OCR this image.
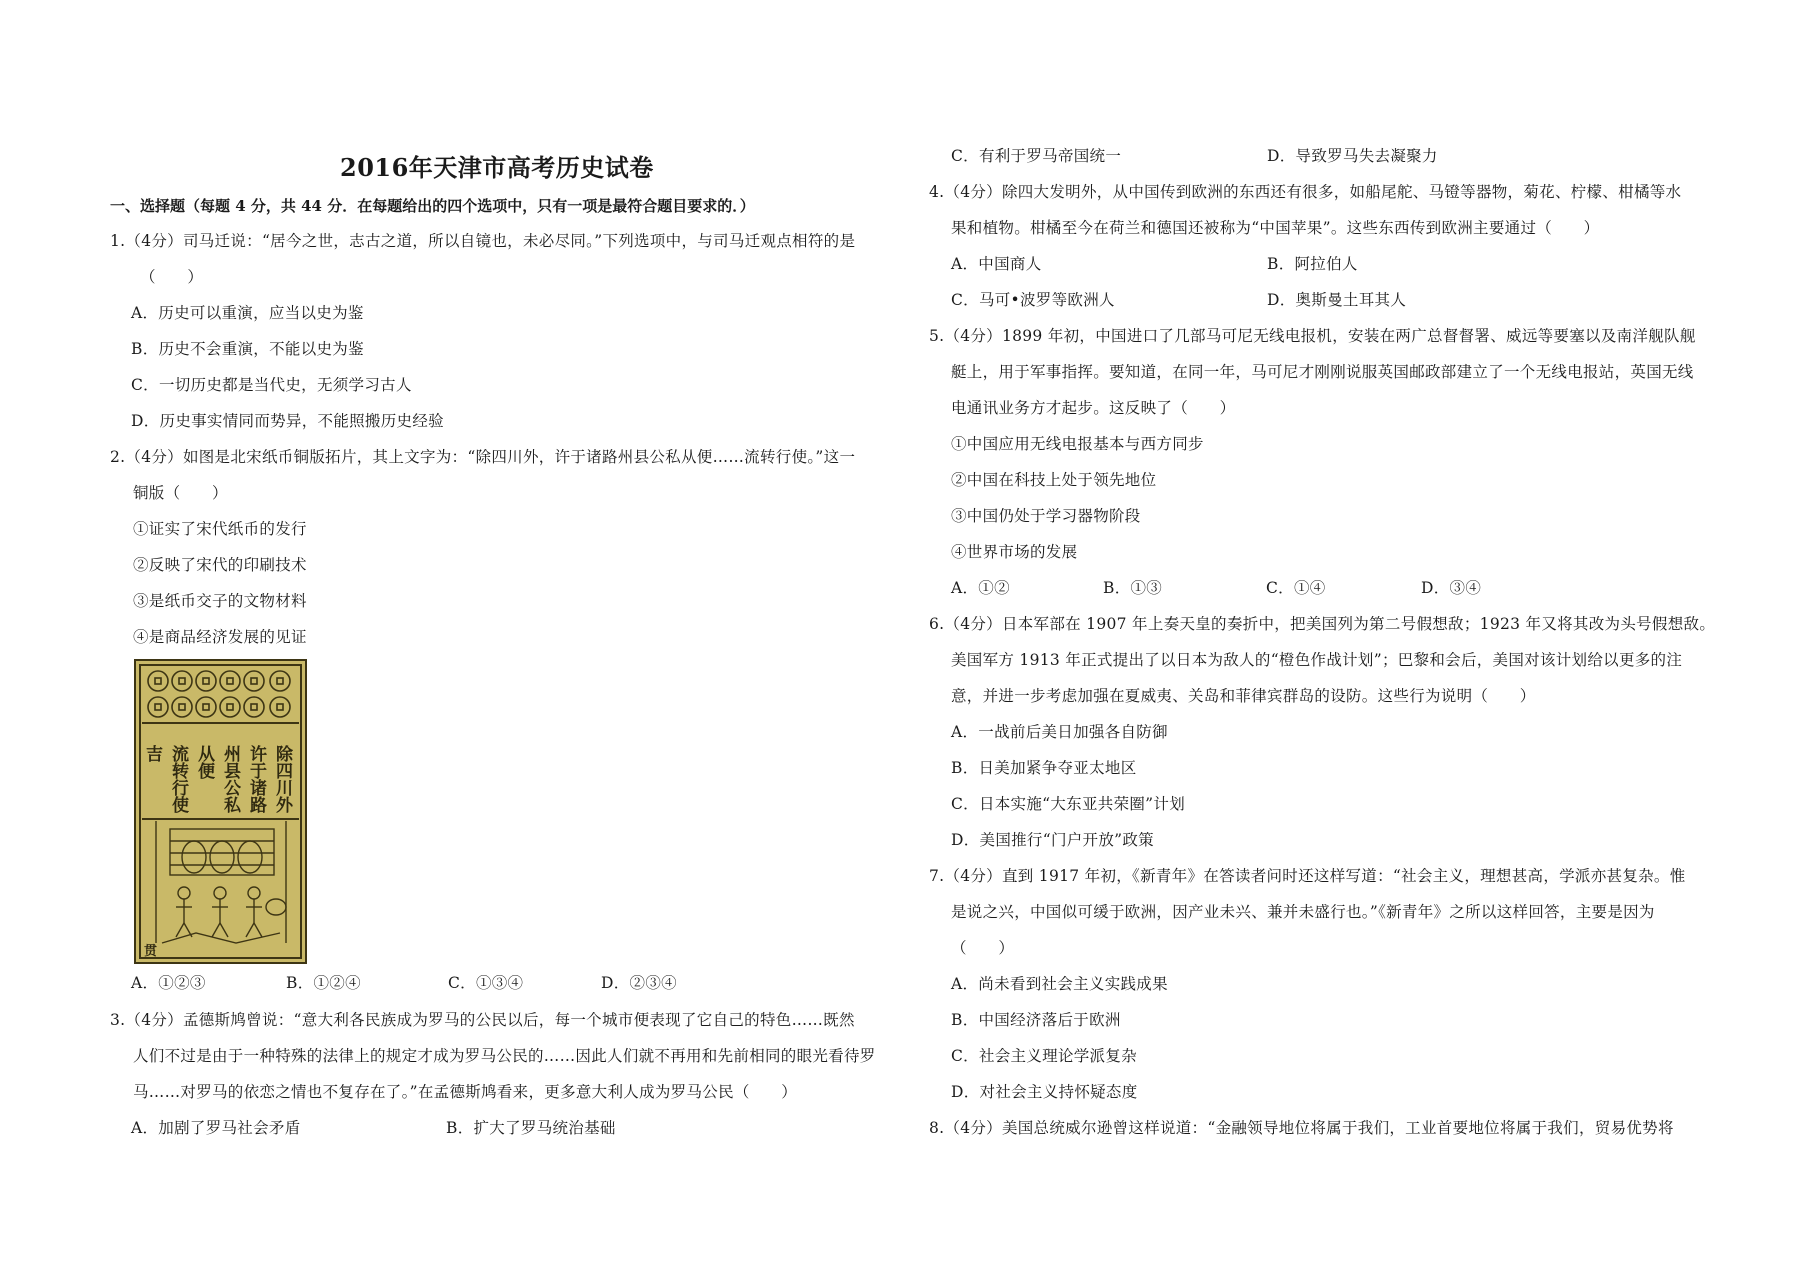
2016年天津市高考历史试卷
一、选择题（每题 4 分，共 44 分．在每题给出的四个选项中，只有一项是最符合题目要求的．）
1.（4分）司马迁说：“居今之世，志古之道，所以自镜也，未必尽同。”下列选项中，与司马迁观点相符的是
（　　）
A．历史可以重演，应当以史为鉴
B．历史不会重演，不能以史为鉴
C．一切历史都是当代史，无须学习古人
D．历史事实情同而势异，不能照搬历史经验
2.（4分）如图是北宋纸币铜版拓片，其上文字为：“除四川外，许于诸路州县公私从便……流转行使。”这一
铜版（　　）
①证实了宋代纸币的发行
②反映了宋代的印刷技术
③是纸币交子的文物材料
④是商品经济发展的见证
除四川外
许于诸路
州县公私
从便
流转行使
吉
贯
A．①②③	B．①②④	C．①③④	D．②③④
3.（4分）孟德斯鸠曾说：“意大利各民族成为罗马的公民以后，每一个城市便表现了它自己的特色……既然
人们不过是由于一种特殊的法律上的规定才成为罗马公民的……因此人们就不再用和先前相同的眼光看待罗
马……对罗马的依恋之情也不复存在了。”在孟德斯鸠看来，更多意大利人成为罗马公民（　　）
A．加剧了罗马社会矛盾	B．扩大了罗马统治基础
C．有利于罗马帝国统一	D．导致罗马失去凝聚力
4.（4分）除四大发明外，从中国传到欧洲的东西还有很多，如船尾舵、马镫等器物，菊花、柠檬、柑橘等水
果和植物。柑橘至今在荷兰和德国还被称为“中国苹果”。这些东西传到欧洲主要通过（　　）
A．中国商人	B．阿拉伯人
C．马可•波罗等欧洲人	D．奥斯曼土耳其人
5.（4分）1899 年初，中国进口了几部马可尼无线电报机，安装在两广总督督署、威远等要塞以及南洋舰队舰
艇上，用于军事指挥。要知道，在同一年，马可尼才刚刚说服英国邮政部建立了一个无线电报站，英国无线
电通讯业务方才起步。这反映了（　　）
①中国应用无线电报基本与西方同步
②中国在科技上处于领先地位
③中国仍处于学习器物阶段
④世界市场的发展
A．①②	B．①③	C．①④	D．③④
6.（4分）日本军部在 1907 年上奏天皇的奏折中，把美国列为第二号假想敌；1923 年又将其改为头号假想敌。
美国军方 1913 年正式提出了以日本为敌人的“橙色作战计划”；巴黎和会后，美国对该计划给以更多的注
意，并进一步考虑加强在夏威夷、关岛和菲律宾群岛的设防。这些行为说明（　　）
A．一战前后美日加强各自防御
B．日美加紧争夺亚太地区
C．日本实施“大东亚共荣圈”计划
D．美国推行“门户开放”政策
7.（4分）直到 1917 年初，《新青年》在答读者问时还这样写道：“社会主义，理想甚高，学派亦甚复杂。惟
是说之兴，中国似可缓于欧洲，因产业未兴、兼并未盛行也。”《新青年》之所以这样回答，主要是因为
（　　）
A．尚未看到社会主义实践成果
B．中国经济落后于欧洲
C．社会主义理论学派复杂
D．对社会主义持怀疑态度
8.（4分）美国总统威尔逊曾这样说道：“金融领导地位将属于我们，工业首要地位将属于我们，贸易优势将
